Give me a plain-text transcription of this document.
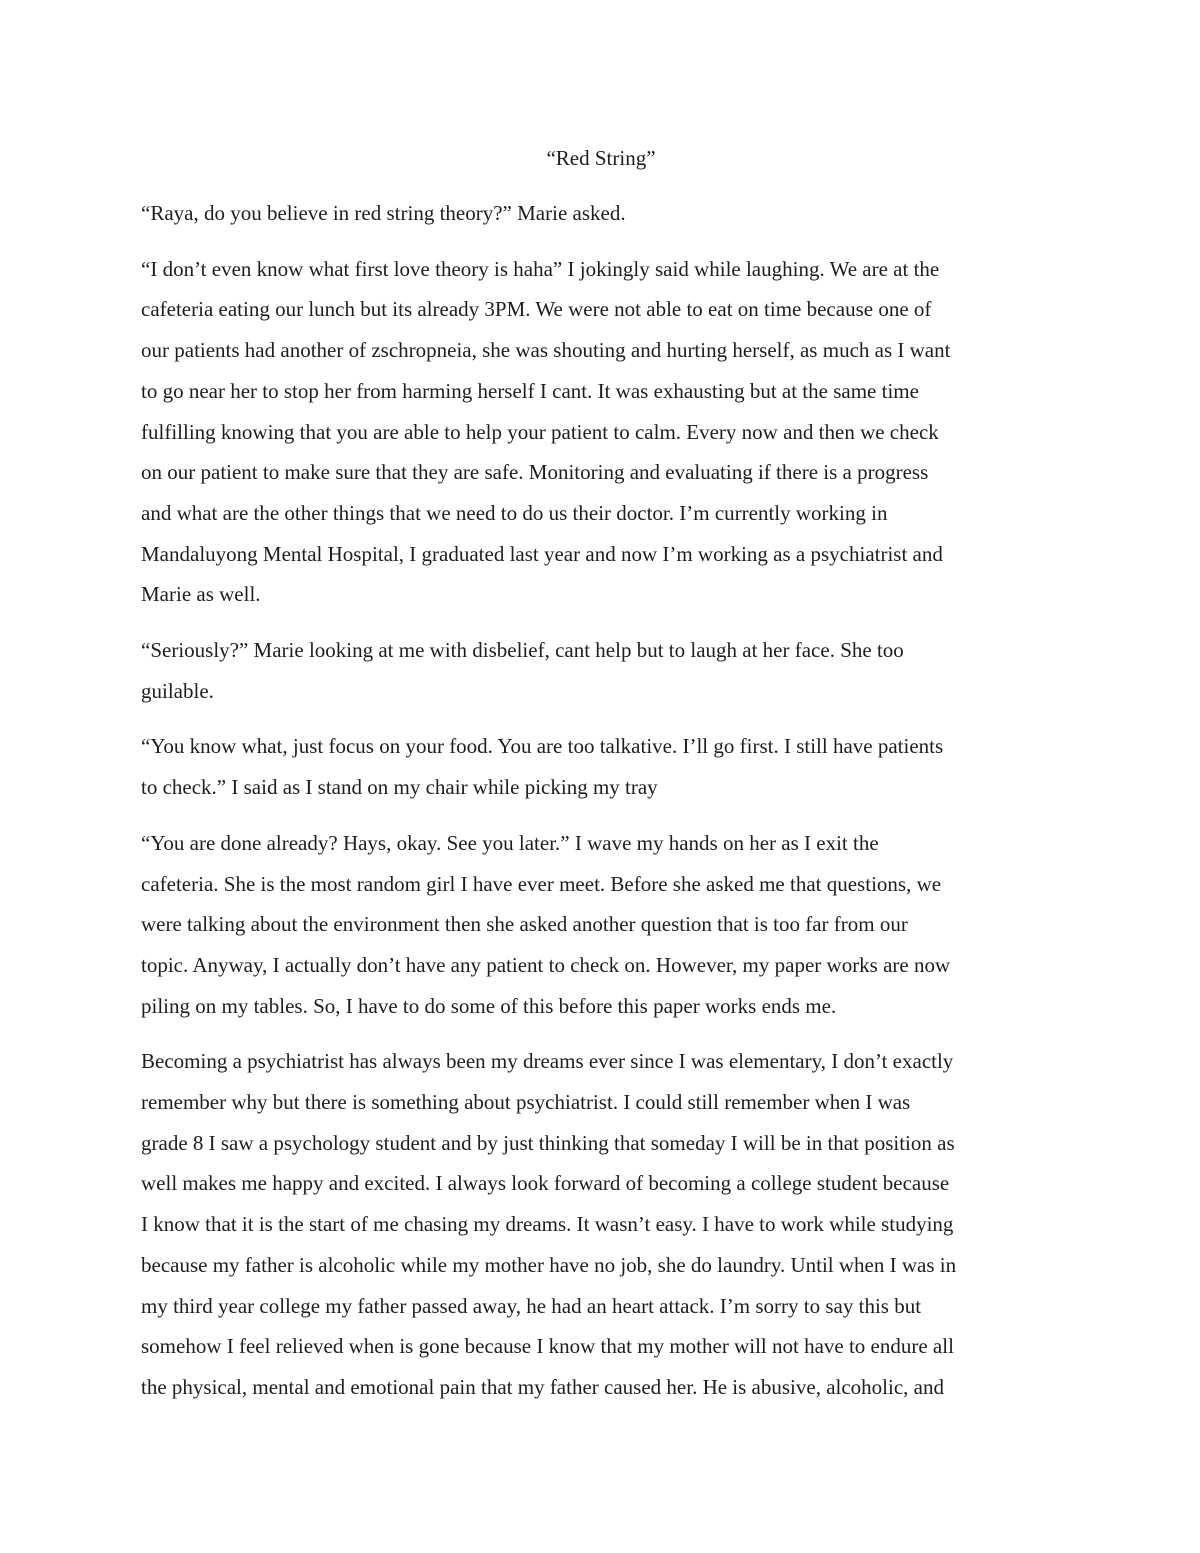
“Red String”

“Raya, do you believe in red string theory?” Marie asked.

“I don’t even know what first love theory is haha” I jokingly said while laughing. We are at the
cafeteria eating our lunch but its already 3PM. We were not able to eat on time because one of
our patients had another of zschropneia, she was shouting and hurting herself, as much as I want
to go near her to stop her from harming herself I cant. It was exhausting but at the same time
fulfilling knowing that you are able to help your patient to calm. Every now and then we check
on our patient to make sure that they are safe. Monitoring and evaluating if there is a progress
and what are the other things that we need to do us their doctor. I’m currently working in
Mandaluyong Mental Hospital, I graduated last year and now I’m working as a psychiatrist and
Marie as well.

“Seriously?” Marie looking at me with disbelief, cant help but to laugh at her face. She too
guilable.

“You know what, just focus on your food. You are too talkative. I’ll go first. I still have patients
to check.” I said as I stand on my chair while picking my tray

“You are done already? Hays, okay. See you later.” I wave my hands on her as I exit the
cafeteria. She is the most random girl I have ever meet. Before she asked me that questions, we
were talking about the environment then she asked another question that is too far from our
topic. Anyway, I actually don’t have any patient to check on. However, my paper works are now
piling on my tables. So, I have to do some of this before this paper works ends me.

Becoming a psychiatrist has always been my dreams ever since I was elementary, I don’t exactly
remember why but there is something about psychiatrist. I could still remember when I was
grade 8 I saw a psychology student and by just thinking that someday I will be in that position as
well makes me happy and excited. I always look forward of becoming a college student because
I know that it is the start of me chasing my dreams. It wasn’t easy. I have to work while studying
because my father is alcoholic while my mother have no job, she do laundry. Until when I was in
my third year college my father passed away, he had an heart attack. I’m sorry to say this but
somehow I feel relieved when is gone because I know that my mother will not have to endure all
the physical, mental and emotional pain that my father caused her. He is abusive, alcoholic, and
